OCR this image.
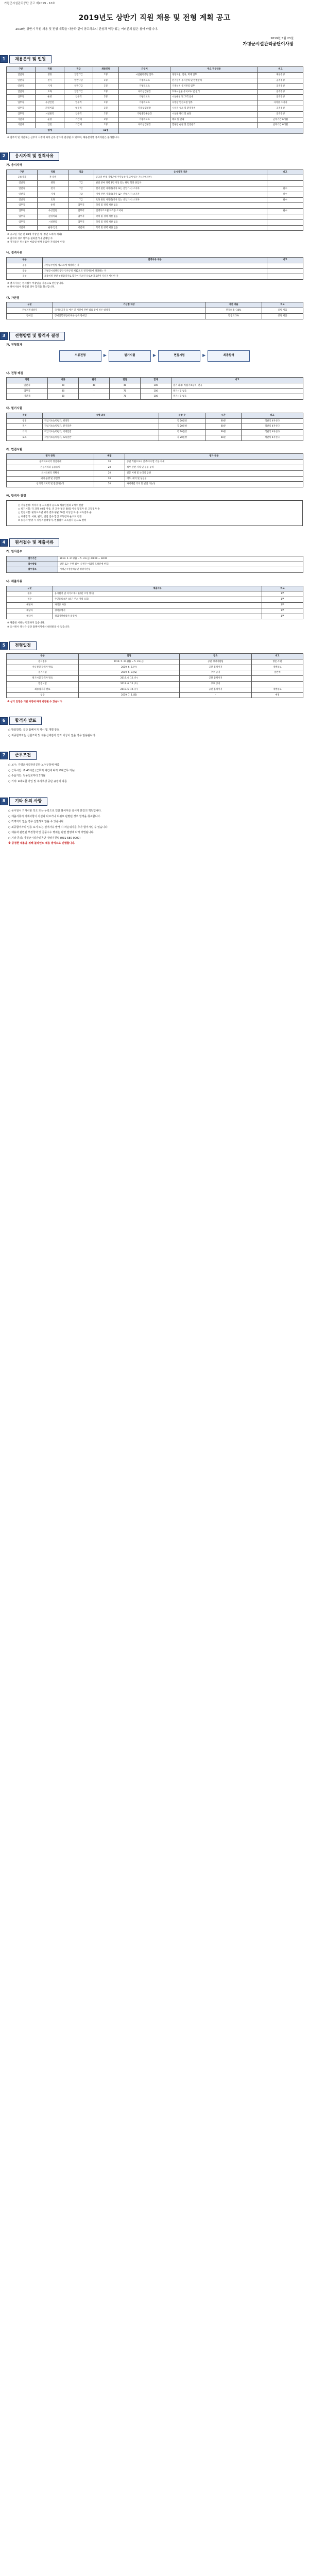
가평군시설관리공단 공고 제2019 - 10호
2019년도 상반기 직원 채용 및 전형 계획 공고
2019년 상반기 직원 채용 및 전형 계획을 다음과 같이 공고하오니 관심과 역량 있는 여러분의 많은 참여 바랍니다.
2019년 5월 23일
가평군시설관리공단이사장
1	채용분야 및 인원
구분	직렬	직급	채용인원	근무지	주요 직무내용	비고
일반직	행정	일반 7급	1명	시설관리공단 본부	경영지원, 인사, 회계 업무	제한경쟁
일반직	전기	일반 7급	1명	가평레포츠	전기설비 유지관리 및 안전관리	공개경쟁
일반직	기계	일반 7급	1명	가평레포츠	기계설비 유지관리 업무	공개경쟁
일반직	토목	일반 7급	1명	자라섬캠핑장	토목시설물 유지보수 및 관리	공개경쟁
업무직	운영	업무직	2명	가평레포츠	시설운영 및 고객 응대	공개경쟁
업무직	수상안전	업무직	1명	가평레포츠	수영장 안전요원 업무	자격증 소지자
업무직	환경미화	업무직	1명	자라섬캠핑장	시설물 청소 및 환경정비	공개경쟁
업무직	시설관리	업무직	1명	가평종합운동장	시설물 관리 및 순찰	공개경쟁
기간제	운영	기간제	2명	가평레포츠	매표 및 안내	근무기간 6개월
기간제	안전	기간제	1명	자라섬캠핑장	캠핑장 순찰 및 안전관리	근무기간 6개월
합계			12명			
※ 업무직 및 기간제는 근무지 사정에 따라 근무 장소가 변경될 수 있으며, 채용분야별 중복지원은 불가합니다.
2	응시자격 및 결격사유
가. 응시자격
구분	직렬	직급	응시자격 기준	비고
공통자격	전 직렬	-	공고일 현재 가평군에 주민등록이 되어 있는 자 (지역제한)	
일반직	행정	7급	관련 분야 경력 1년 이상 또는 관련 학과 졸업자	
일반직	전기	7급	전기 관련 자격증(기사 또는 산업기사) 소지자	필수
일반직	기계	7급	기계 관련 자격증(기사 또는 산업기사) 소지자	필수
일반직	토목	7급	토목 관련 자격증(기사 또는 산업기사) 소지자	필수
업무직	운영	업무직	학력 및 경력 제한 없음	
업무직	수상안전	업무직	인명구조요원 자격증 소지자	필수
업무직	환경미화	업무직	학력 및 경력 제한 없음	
업무직	시설관리	업무직	학력 및 경력 제한 없음	
기간제	운영·안전	기간제	학력 및 경력 제한 없음	
※ 공고일 기준 만 18세 이상인 자 (정년 도래자 제외)
※ 남자의 경우 병역을 필하였거나 면제된 자
※ 자격증은 원서접수 마감일 현재 유효한 자격증에 한함
나. 결격사유
구분	결격사유 내용	비고
공통	지방공무원법 제31조에 해당하는 자	
공통	가평군시설관리공단 인사규정 제12조의 결격사유에 해당하는 자	
공통	채용비위 관련 부정합격자로 합격이 취소된 날로부터 5년이 지나지 아니한 자	
※ 결격사유는 원서접수 마감일을 기준으로 판단합니다.
※ 허위사실이 발견될 경우 합격을 취소합니다.
다. 가산점
구분	가산점 대상	가산 비율	비고
취업지원대상자	국가유공자 등 예우 및 지원에 관한 법률 등에 따른 대상자	만점의 5~10%	증빙 제출
장애인	장애인복지법에 따른 등록 장애인	만점의 5%	증빙 제출
3	전형방법 및 합격자 결정
가. 전형절차
서류전형	▶	필기시험	▶	면접시험	▶	최종합격
나. 전형 배점
직렬	서류	필기	면접	합계	비고
일반직	20	40	40	100	필기 과목: 직업기초능력, 전공
업무직	30	-	70	100	필기시험 없음
기간제	30	-	70	100	필기시험 없음
다. 필기시험
직렬	시험 과목	문항 수	시간	비고
행정	직업기초능력평가, 행정학	각 20문항	60분	객관식 4지선다
전기	직업기초능력평가, 전기일반	각 20문항	60분	객관식 4지선다
기계	직업기초능력평가, 기계일반	각 20문항	60분	객관식 4지선다
토목	직업기초능력평가, 토목일반	각 20문항	60분	객관식 4지선다
라. 면접시험
평가 항목	배점	평가 내용
공직자로서의 정신자세	20	공단 직원으로서 갖추어야 할 기본 자세
전문지식과 응용능력	20	직무 관련 지식 및 응용 능력
의사표현의 정확성	20	질문 이해 및 논리적 답변
예의·품행 및 성실성	20	태도, 예의 및 성실성
창의력·의지력 및 발전가능성	20	자기계발 의지 및 발전 가능성
마. 합격자 결정
○ 서류전형: 적격자 중 고득점자 순으로 채용인원의 3배수 선발
○ 필기시험: 각 과목 40점 이상, 전 과목 평균 60점 이상 득점자 중 고득점자 순
○ 면접시험: 평정요소별 평가 결과 평균 60점 이상인 자 중 고득점자 순
○ 최종합격: 서류, 필기, 면접 점수 합산 고득점자 순으로 결정
※ 동점자 발생 시 취업지원대상자, 면접점수 고득점자 순으로 결정
4	원서접수 및 제출서류
가. 원서접수
접수기간	2019. 5. 27.(월) ~ 5. 31.(금) 09:00 ~ 18:00
접수방법	방문 또는 우편 접수 (우편은 마감일 도착분에 한함)
접수장소	가평군시설관리공단 경영지원팀
나. 제출서류
구분	제출서류	비고
필수	응시원서 및 자기소개서 (공단 소정 양식)	1부
필수	주민등록초본 (최근 주소 이력 포함)	1부
해당자	자격증 사본	1부
해당자	경력증명서	1부
해당자	취업지원대상자 증명서	1부
※ 제출된 서류는 반환하지 않습니다.
※ 응시원서 양식은 공단 홈페이지에서 내려받을 수 있습니다.
5	전형일정
구분	일정	장소	비고
원서접수	2019. 5. 27.(월) ~ 5. 31.(금)	공단 경영지원팀	방문·우편
서류전형 합격자 발표	2019. 6. 5.(수)	공단 홈페이지	개별통보
필기시험	2019. 6. 8.(토)	추후 공지	일반직
필기시험 합격자 발표	2019. 6. 12.(수)	공단 홈페이지	
면접시험	2019. 6. 15.(토)	추후 공지	
최종합격자 발표	2019. 6. 19.(수)	공단 홈페이지	개별통보
임용	2019. 7. 1.(월)	-	예정
※ 상기 일정은 기관 사정에 따라 변경될 수 있습니다.
6	합격자 발표
○ 발표방법: 공단 홈페이지 게시 및 개별 통보
○ 최종합격자는 신원조회 및 채용신체검사 결과 이상이 없을 경우 임용됩니다.
7	근무조건
○ 보수: 가평군시설관리공단 보수규정에 따름
○ 근무시간: 주 40시간 (근무지 여건에 따라 교대근무 가능)
○ 수습기간: 임용일로부터 3개월
○ 기타: 4대보험 가입 및 복리후생 공단 규정에 따름
8	기타 유의 사항
○ 응시원서 기재사항 착오 또는 누락으로 인한 불이익은 응시자 본인의 책임입니다.
○ 제출서류의 기재사항이 사실과 다르거나 허위로 판명된 경우 합격을 취소합니다.
○ 적격자가 없는 경우 선발하지 않을 수 있습니다.
○ 최종합격자의 임용 포기 또는 결격사유 발생 시 차순위자를 추가 합격시킬 수 있습니다.
○ 채용과 관련된 부정청탁 및 금품수수 행위는 관련 법령에 따라 처벌됩니다.
○ 기타 문의: 가평군시설관리공단 경영지원팀 (031-580-0000)
※ 공정한 채용을 위해 블라인드 채용 방식으로 진행합니다.
